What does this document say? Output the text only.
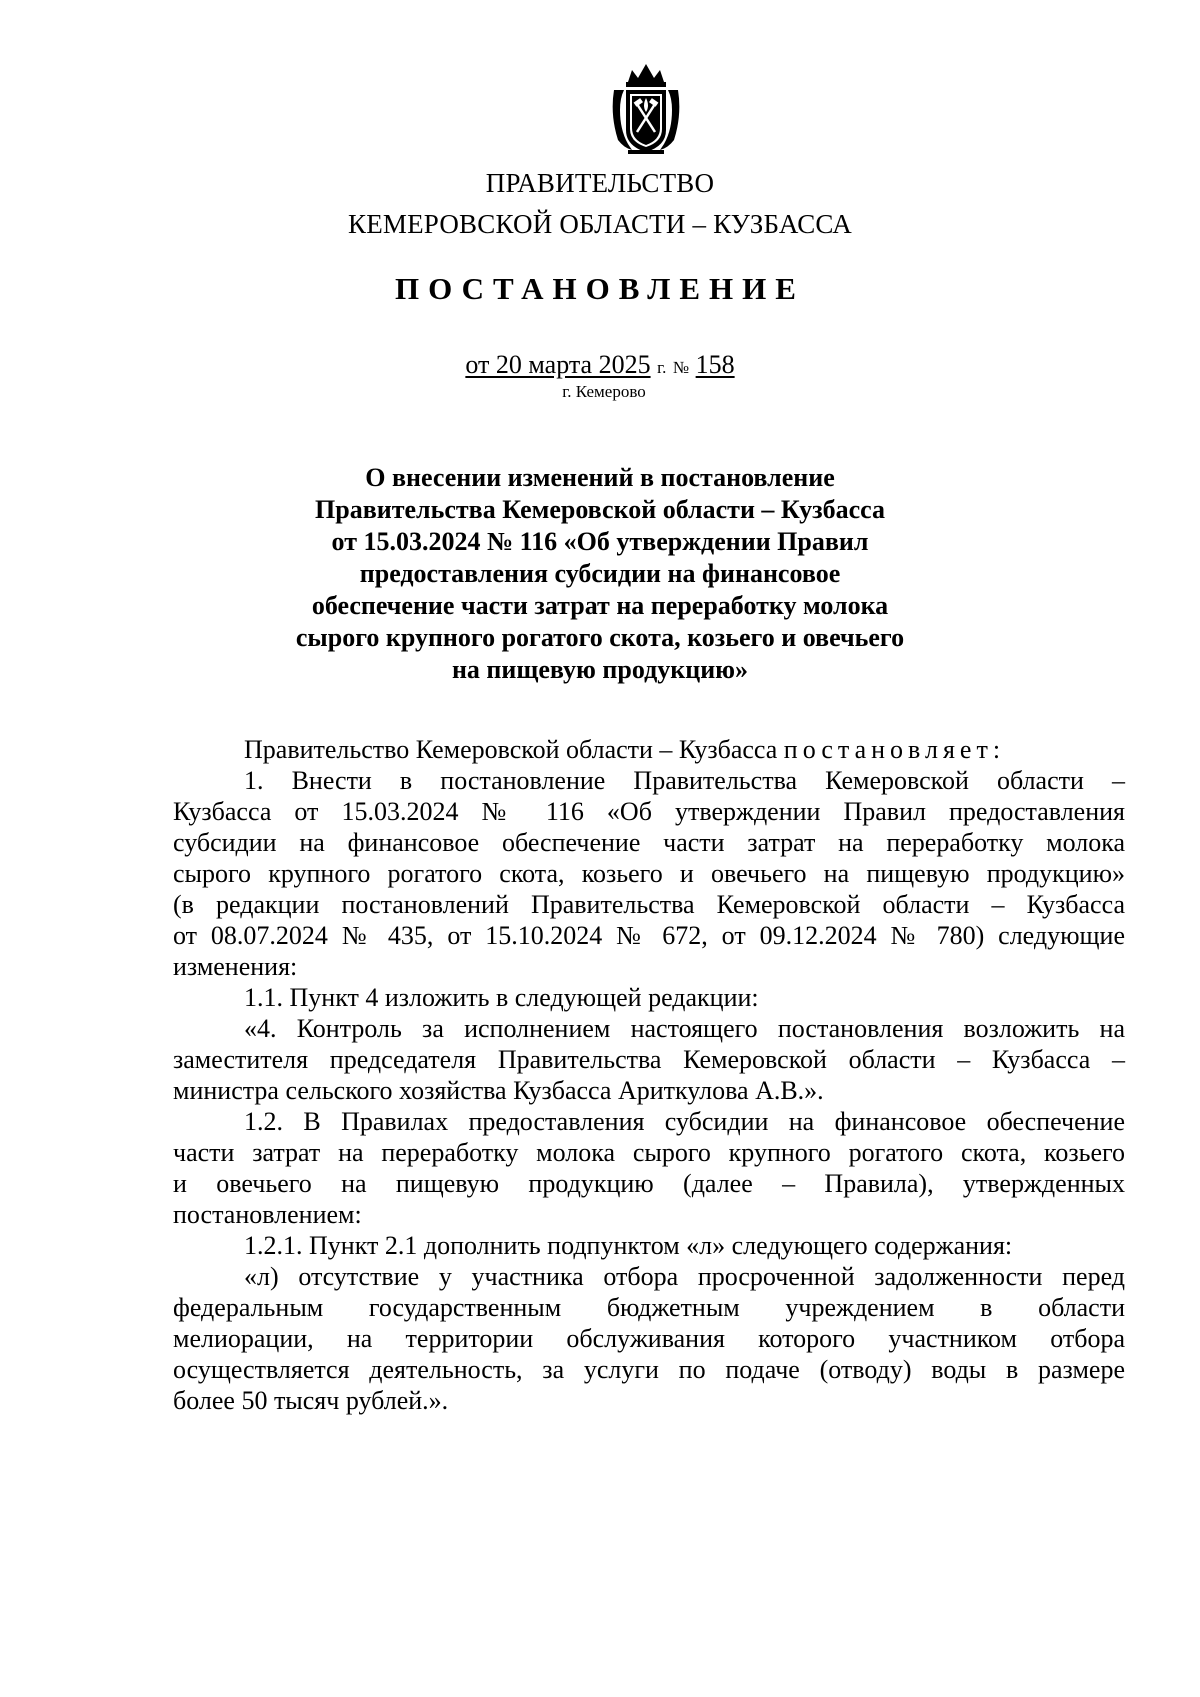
ПРАВИТЕЛЬСТВО
КЕМЕРОВСКОЙ ОБЛАСТИ – КУЗБАССА
ПОСТАНОВЛЕНИЕ
от 20 марта 2025 г. № 158
г. Кемерово
О внесении изменений в постановление
Правительства Кемеровской области – Кузбасса
от 15.03.2024 № 116 «Об утверждении Правил
предоставления субсидии на финансовое
обеспечение части затрат на переработку молока
сырого крупного рогатого скота, козьего и овечьего
на пищевую продукцию»
Правительство Кемеровской области – Кузбасса постановляет:
1. Внести в постановление Правительства Кемеровской области –
Кузбасса от 15.03.2024 № 116 «Об утверждении Правил предоставления
субсидии на финансовое обеспечение части затрат на переработку молока
сырого крупного рогатого скота, козьего и овечьего на пищевую продукцию»
(в редакции постановлений Правительства Кемеровской области – Кузбасса
от 08.07.2024 № 435, от 15.10.2024 № 672, от 09.12.2024 № 780) следующие
изменения:
1.1. Пункт 4 изложить в следующей редакции:
«4. Контроль за исполнением настоящего постановления возложить на
заместителя председателя Правительства Кемеровской области – Кузбасса –
министра сельского хозяйства Кузбасса Ариткулова А.В.».
1.2. В Правилах предоставления субсидии на финансовое обеспечение
части затрат на переработку молока сырого крупного рогатого скота, козьего
и овечьего на пищевую продукцию (далее – Правила), утвержденных
постановлением:
1.2.1. Пункт 2.1 дополнить подпунктом «л» следующего содержания:
«л) отсутствие у участника отбора просроченной задолженности перед
федеральным государственным бюджетным учреждением в области
мелиорации, на территории обслуживания которого участником отбора
осуществляется деятельность, за услуги по подаче (отводу) воды в размере
более 50 тысяч рублей.».
